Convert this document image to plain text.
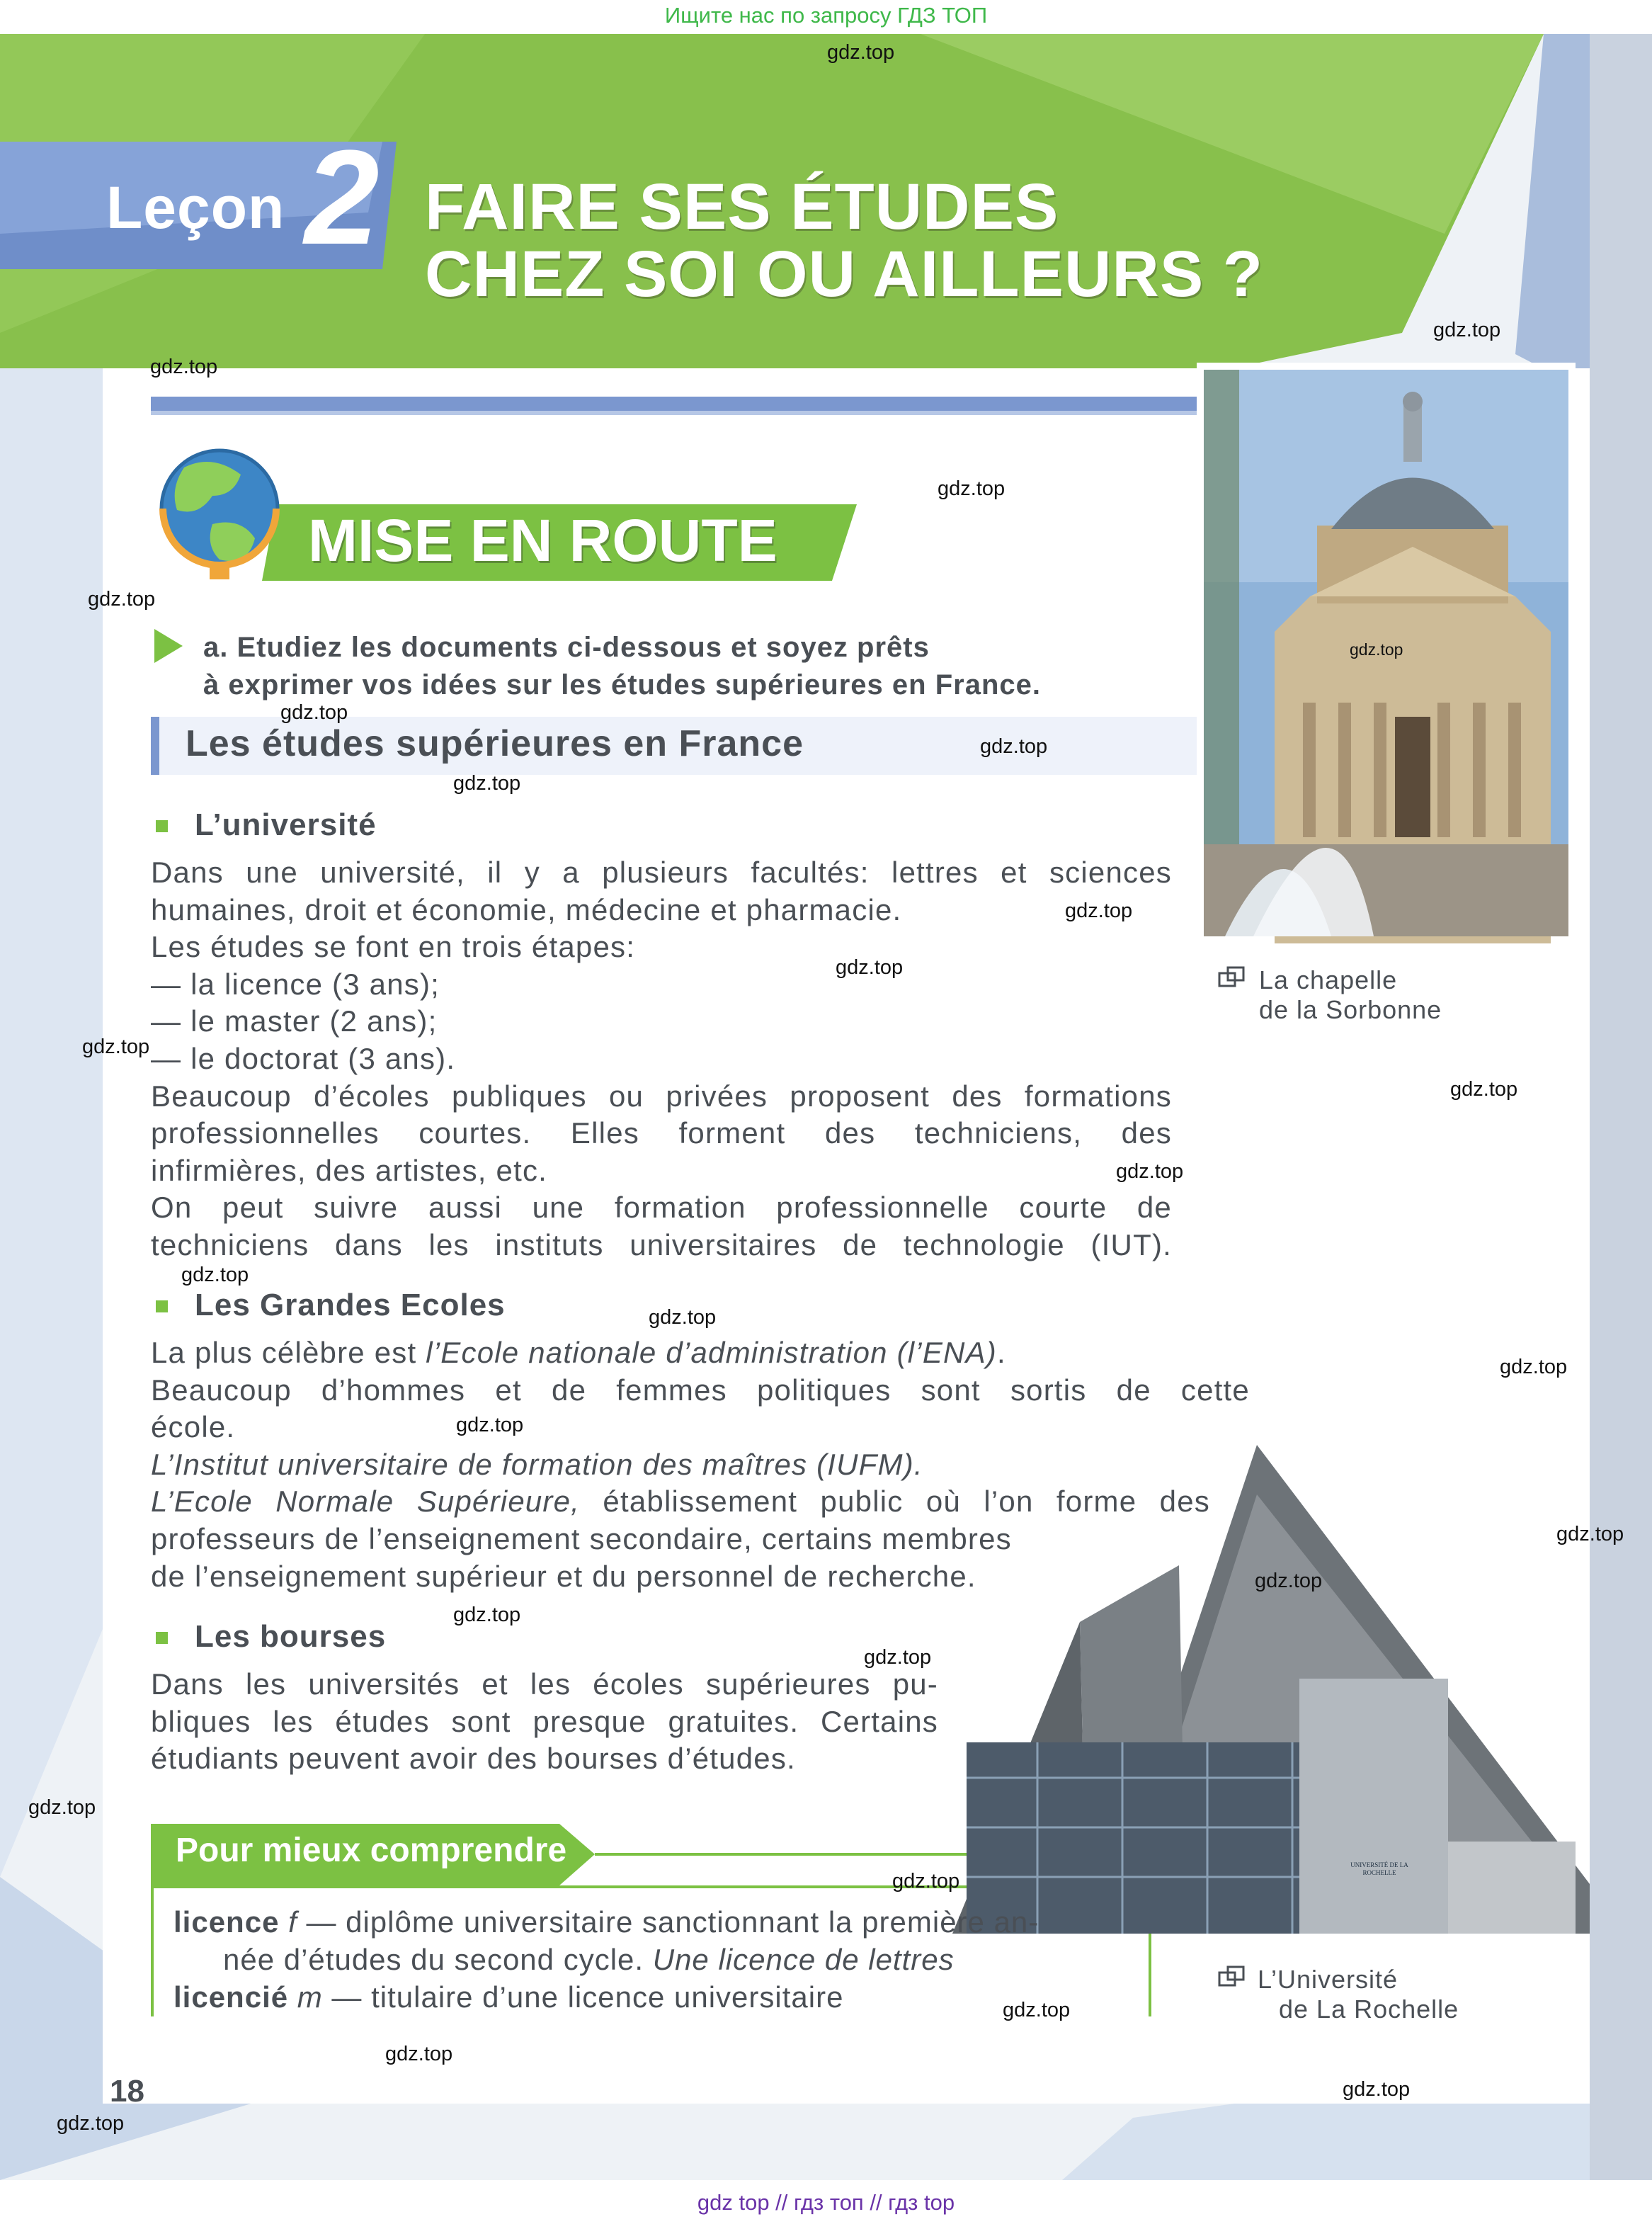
Ищите нас по запросу ГДЗ ТОП
UNIVERSITÉ DE LA ROCHELLE
Leçon 2 FAIRE SES ÉTUDES
CHEZ SOI OU AILLEURS ?
MISE EN ROUTE
a. Etudiez les documents ci-dessous et soyez prêts
à exprimer vos idées sur les études supérieures en France.
Les études supérieures en France
L’université

Dans une université, il y a plusieurs facultés: lettres et sciences

humaines, droit et économie, médecine et pharmacie.

Les études se font en trois étapes:

— la licence (3 ans);

— le master (2 ans);

— le doctorat (3 ans).

Beaucoup d’écoles publiques ou privées proposent des formations

professionnelles courtes. Elles forment des techniciens, des

infirmières, des artistes, etc.

On peut suivre aussi une formation professionnelle courte de

techniciens dans les instituts universitaires de technologie (IUT).

Les Grandes Ecoles

La plus célèbre est l’Ecole nationale d’administration (l’ENA).

Beaucoup d’hommes et de femmes politiques sont sortis de cette

école.

L’Institut universitaire de formation des maîtres (IUFM).

L’Ecole Normale Supérieure, établissement public où l’on forme des

professeurs de l’enseignement secondaire, certains membres

de l’enseignement supérieur et du personnel de recherche.

Les bourses

Dans les universités et les écoles supérieures pu-

bliques les études sont presque gratuites. Certains

étudiants peuvent avoir des bourses d’études.

Pour mieux comprendre
licence f — diplôme universitaire sanctionnant la première an-
née d’études du second cycle. Une licence de lettres
licencié m — titulaire d’une licence universitaire
La chapelle
de la Sorbonne
L’Université
de La Rochelle
18
gdz.top
gdz.top
gdz.top
gdz.top
gdz.top
gdz.top
gdz.top
gdz.top
gdz.top
gdz.top
gdz.top
gdz.top
gdz.top
gdz.top
gdz.top
gdz.top
gdz.top
gdz.top
gdz.top
gdz.top
gdz.top
gdz.top
gdz.top
gdz.top
gdz.top
gdz.top
gdz.top
gdz.top
gdz top // гдз топ // гдз top
